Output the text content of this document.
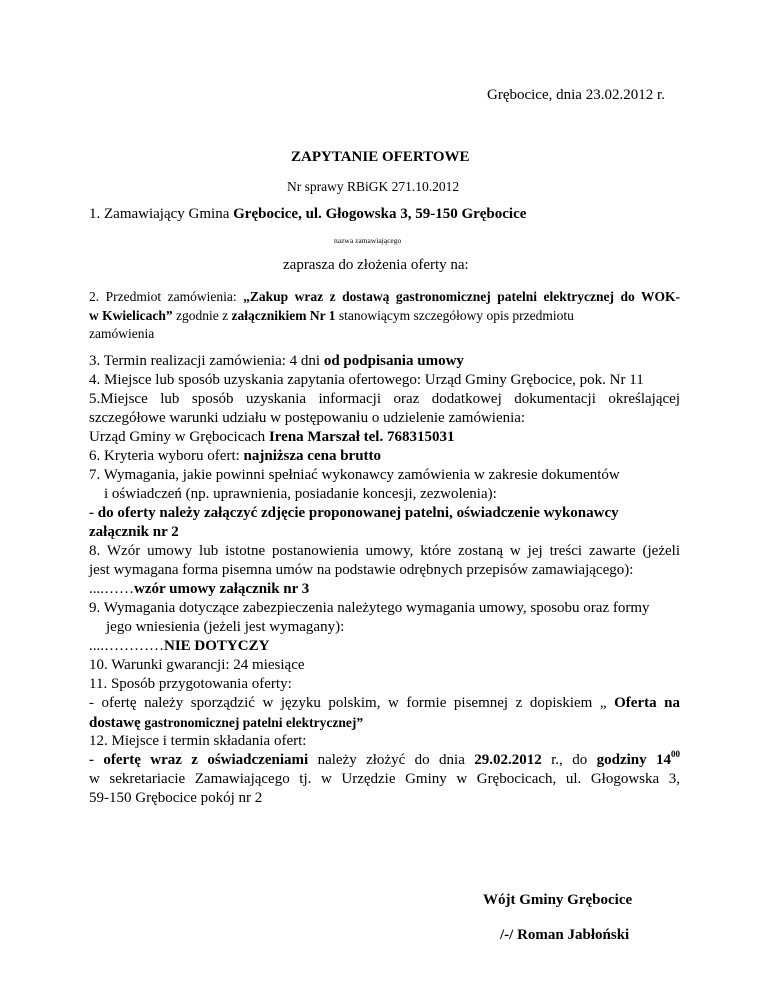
Grębocice, dnia 23.02.2012 r.
ZAPYTANIE OFERTOWE
Nr sprawy RBiGK 271.10.2012
1. Zamawiający Gmina Grębocice, ul. Głogowska 3, 59-150 Grębocice
nazwa zamawiającego
zaprasza do złożenia oferty na:
2. Przedmiot zamówienia: „Zakup wraz z dostawą gastronomicznej patelni elektrycznej do WOK-
w Kwielicach” zgodnie z załącznikiem Nr 1 stanowiącym szczegółowy opis przedmiotu
zamówienia
3. Termin realizacji zamówienia: 4 dni od podpisania umowy
4. Miejsce lub sposób uzyskania zapytania ofertowego: Urząd Gminy Grębocice, pok. Nr 11
5.Miejsce lub sposób uzyskania informacji oraz dodatkowej dokumentacji określającej
szczegółowe warunki udziału w postępowaniu o udzielenie zamówienia:
Urząd Gminy w Grębocicach Irena Marszał tel. 768315031
6. Kryteria wyboru ofert: najniższa cena brutto
7. Wymagania, jakie powinni spełniać wykonawcy zamówienia w zakresie dokumentów
i oświadczeń (np. uprawnienia, posiadanie koncesji, zezwolenia):
- do oferty należy załączyć zdjęcie proponowanej patelni, oświadczenie wykonawcy
załącznik nr 2
8. Wzór umowy lub istotne postanowienia umowy, które zostaną w jej treści zawarte (jeżeli
jest wymagana forma pisemna umów na podstawie odrębnych przepisów zamawiającego):
....……wzór umowy załącznik nr 3
9. Wymagania dotyczące zabezpieczenia należytego wymagania umowy, sposobu oraz formy
jego wniesienia (jeżeli jest wymagany):
....…………NIE DOTYCZY
10. Warunki gwarancji: 24 miesiące
11. Sposób przygotowania oferty:
- ofertę należy sporządzić w języku polskim, w formie pisemnej z dopiskiem „ Oferta na
dostawę gastronomicznej patelni elektrycznej”
12. Miejsce i termin składania ofert:
- ofertę wraz z oświadczeniami należy złożyć do dnia 29.02.2012 r., do godziny $14^{00}$
w sekretariacie Zamawiającego tj. w Urzędzie Gminy w Grębocicach, ul. Głogowska 3,
59-150 Grębocice pokój nr 2
Wójt Gminy Grębocice
/-/ Roman Jabłoński
